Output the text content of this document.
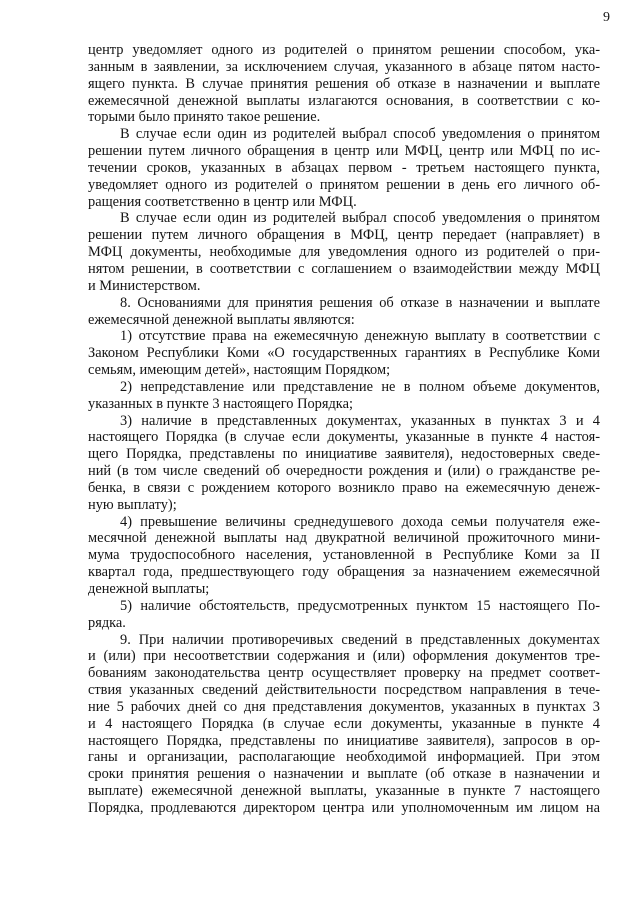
9
центр уведомляет одного из родителей о принятом решении способом, ука-
занным в заявлении, за исключением случая, указанного в абзаце пятом насто-
ящего пункта. В случае принятия решения об отказе в назначении и выплате
ежемесячной денежной выплаты излагаются основания, в соответствии с ко-
торыми было принято такое решение.
В случае если один из родителей выбрал способ уведомления о принятом
решении путем личного обращения в центр или МФЦ, центр или МФЦ по ис-
течении сроков, указанных в абзацах первом - третьем настоящего пункта,
уведомляет одного из родителей о принятом решении в день его личного об-
ращения соответственно в центр или МФЦ.
В случае если один из родителей выбрал способ уведомления о принятом
решении путем личного обращения в МФЦ, центр передает (направляет) в
МФЦ документы, необходимые для уведомления одного из родителей о при-
нятом решении, в соответствии с соглашением о взаимодействии между МФЦ
и Министерством.
8. Основаниями для принятия решения об отказе в назначении и выплате
ежемесячной денежной выплаты являются:
1) отсутствие права на ежемесячную денежную выплату в соответствии с
Законом Республики Коми «О государственных гарантиях в Республике Коми
семьям, имеющим детей», настоящим Порядком;
2) непредставление или представление не в полном объеме документов,
указанных в пункте 3 настоящего Порядка;
3) наличие в представленных документах, указанных в пунктах 3 и 4
настоящего Порядка (в случае если документы, указанные в пункте 4 настоя-
щего Порядка, представлены по инициативе заявителя), недостоверных сведе-
ний (в том числе сведений об очередности рождения и (или) о гражданстве ре-
бенка, в связи с рождением которого возникло право на ежемесячную денеж-
ную выплату);
4) превышение величины среднедушевого дохода семьи получателя еже-
месячной денежной выплаты над двукратной величиной прожиточного мини-
мума трудоспособного населения, установленной в Республике Коми за II
квартал года, предшествующего году обращения за назначением ежемесячной
денежной выплаты;
5) наличие обстоятельств, предусмотренных пунктом 15 настоящего По-
рядка.
9. При наличии противоречивых сведений в представленных документах
и (или) при несоответствии содержания и (или) оформления документов тре-
бованиям законодательства центр осуществляет проверку на предмет соответ-
ствия указанных сведений действительности посредством направления в тече-
ние 5 рабочих дней со дня представления документов, указанных в пунктах 3
и 4 настоящего Порядка (в случае если документы, указанные в пункте 4
настоящего Порядка, представлены по инициативе заявителя), запросов в ор-
ганы и организации, располагающие необходимой информацией. При этом
сроки принятия решения о назначении и выплате (об отказе в назначении и
выплате) ежемесячной денежной выплаты, указанные в пункте 7 настоящего
Порядка, продлеваются директором центра или уполномоченным им лицом на
